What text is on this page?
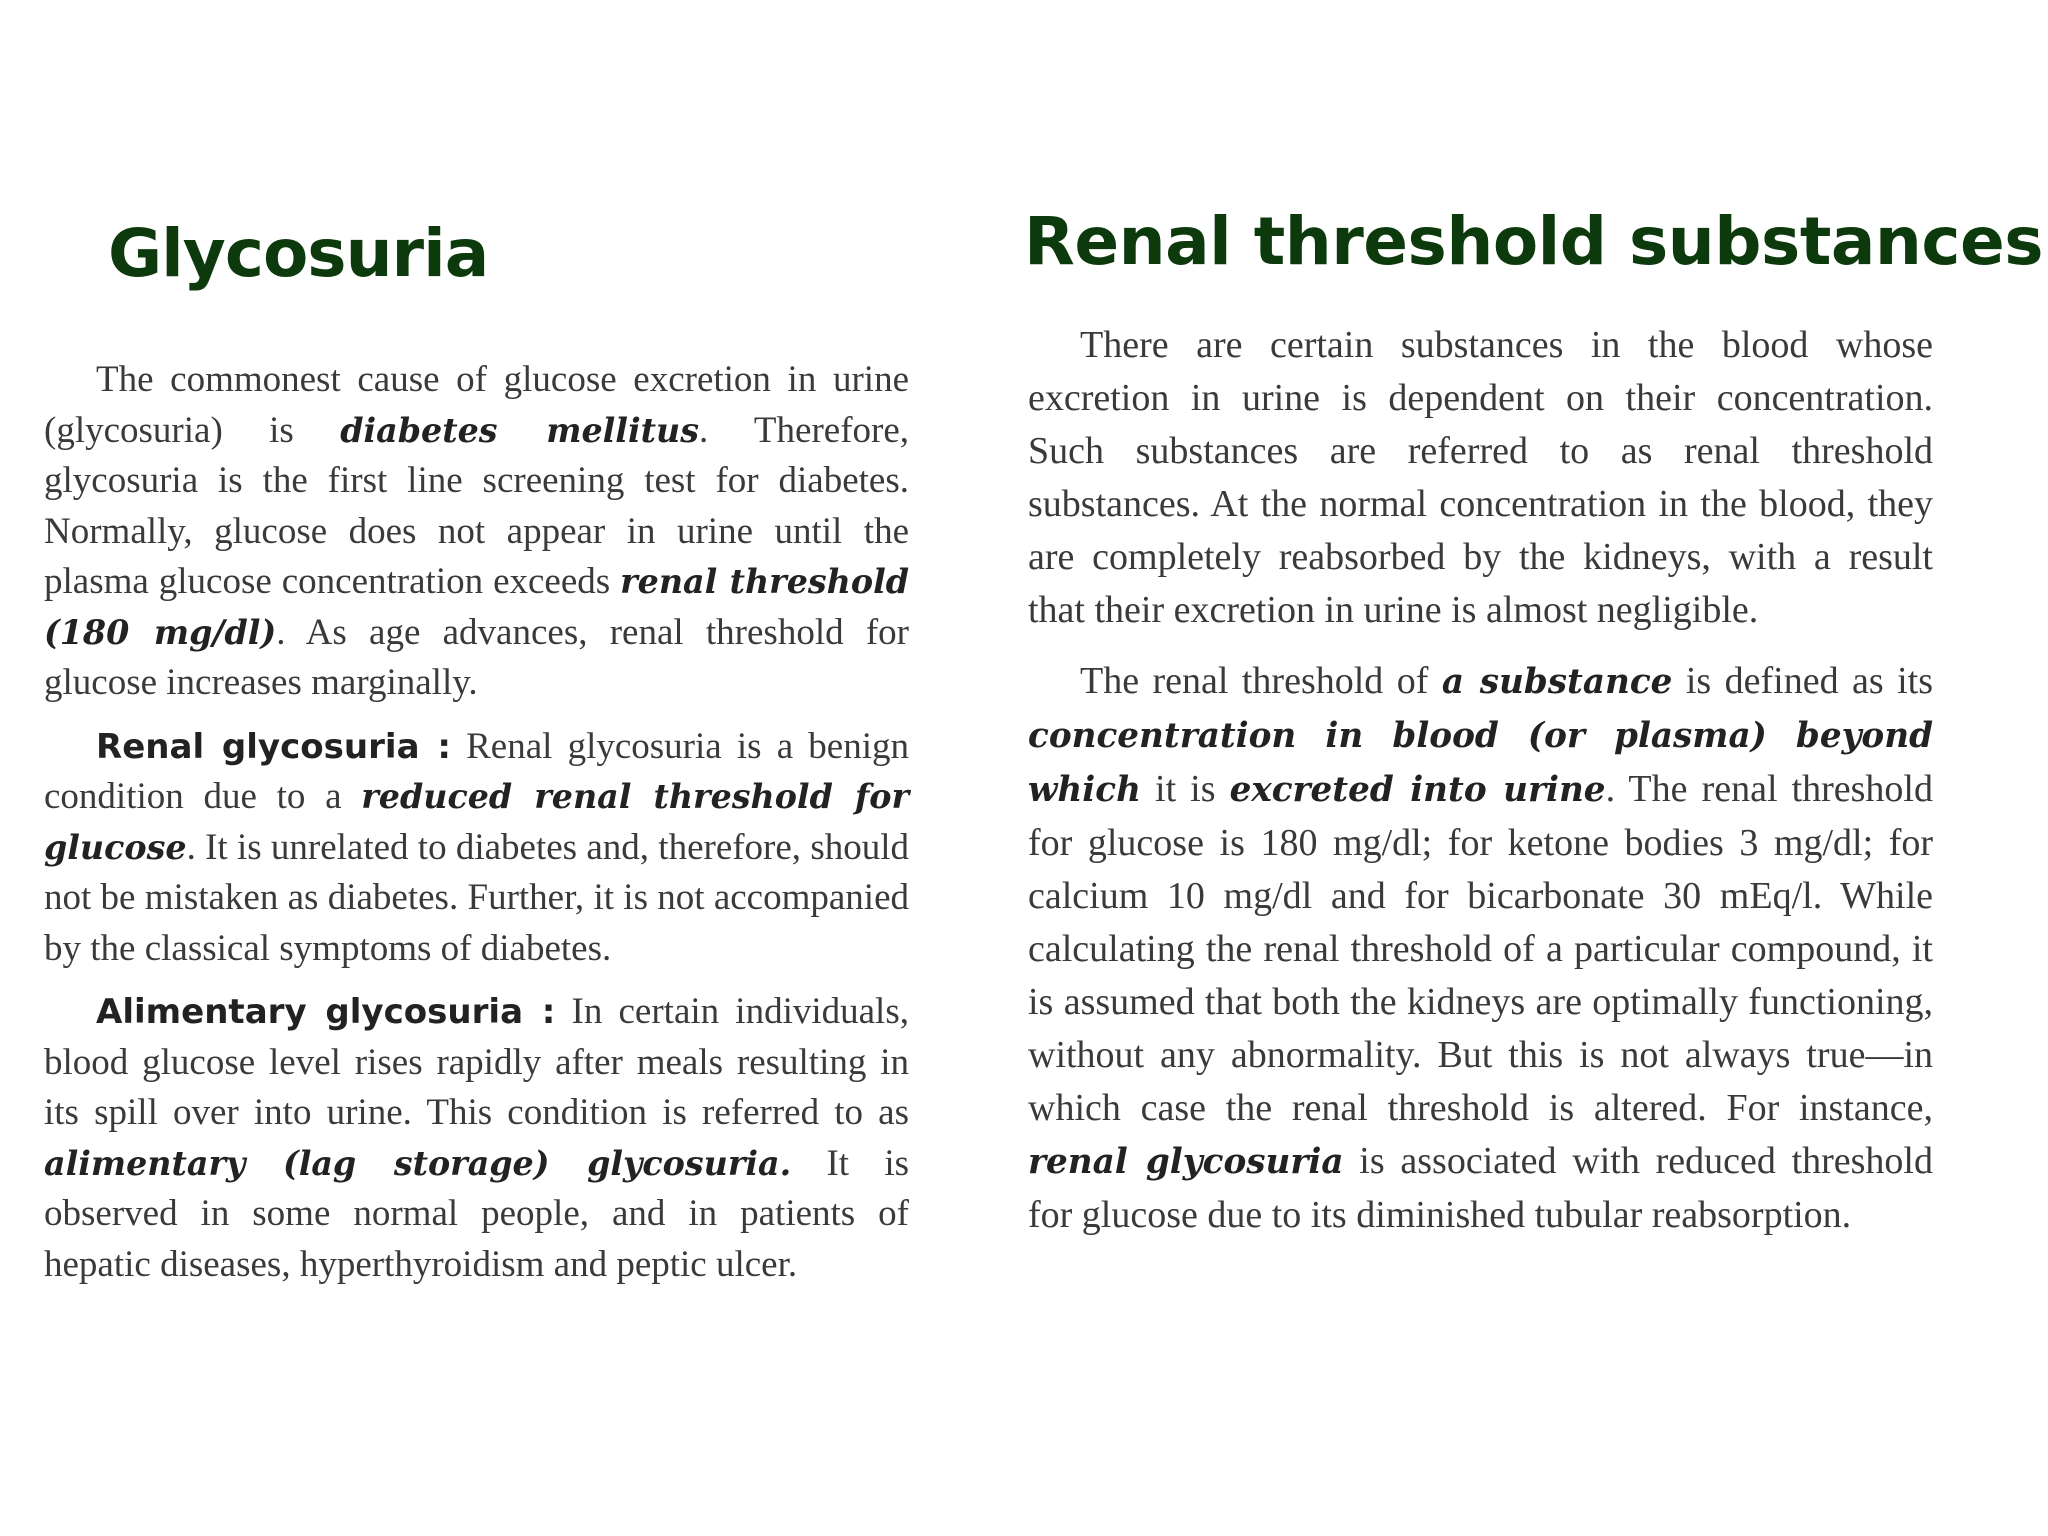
Glycosuria

The commonest cause of glucose excretion in urine (glycosuria) is diabetes mellitus. Therefore, glycosuria is the first line screening test for diabetes. Normally, glucose does not appear in urine until the plasma glucose concentration exceeds renal threshold (180 mg/dl). As age advances, renal threshold for glucose increases marginally.

Renal glycosuria : Renal glycosuria is a benign condition due to a reduced renal threshold for glucose. It is unrelated to diabetes and, therefore, should not be mistaken as diabetes. Further, it is not accompanied by the classical symptoms of diabetes.

Alimentary glycosuria : In certain individuals, blood glucose level rises rapidly after meals resulting in its spill over into urine. This condition is referred to as alimentary (lag storage) glycosuria. It is observed in some normal people, and in patients of hepatic diseases, hyperthyroidism and peptic ulcer.

Renal threshold substances

There are certain substances in the blood whose excretion in urine is dependent on their concentration. Such substances are referred to as renal threshold substances. At the normal concentration in the blood, they are completely reabsorbed by the kidneys, with a result that their excretion in urine is almost negligible.

The renal threshold of a substance is defined as its concentration in blood (or plasma) beyond which it is excreted into urine. The renal threshold for glucose is 180 mg/dl; for ketone bodies 3 mg/dl; for calcium 10 mg/dl and for bicarbonate 30 mEq/l. While calculating the renal threshold of a particular compound, it is assumed that both the kidneys are optimally functioning, without any abnormality. But this is not always true—in which case the renal threshold is altered. For instance, renal glycosuria is associated with reduced threshold for glucose due to its diminished tubular reabsorption.
